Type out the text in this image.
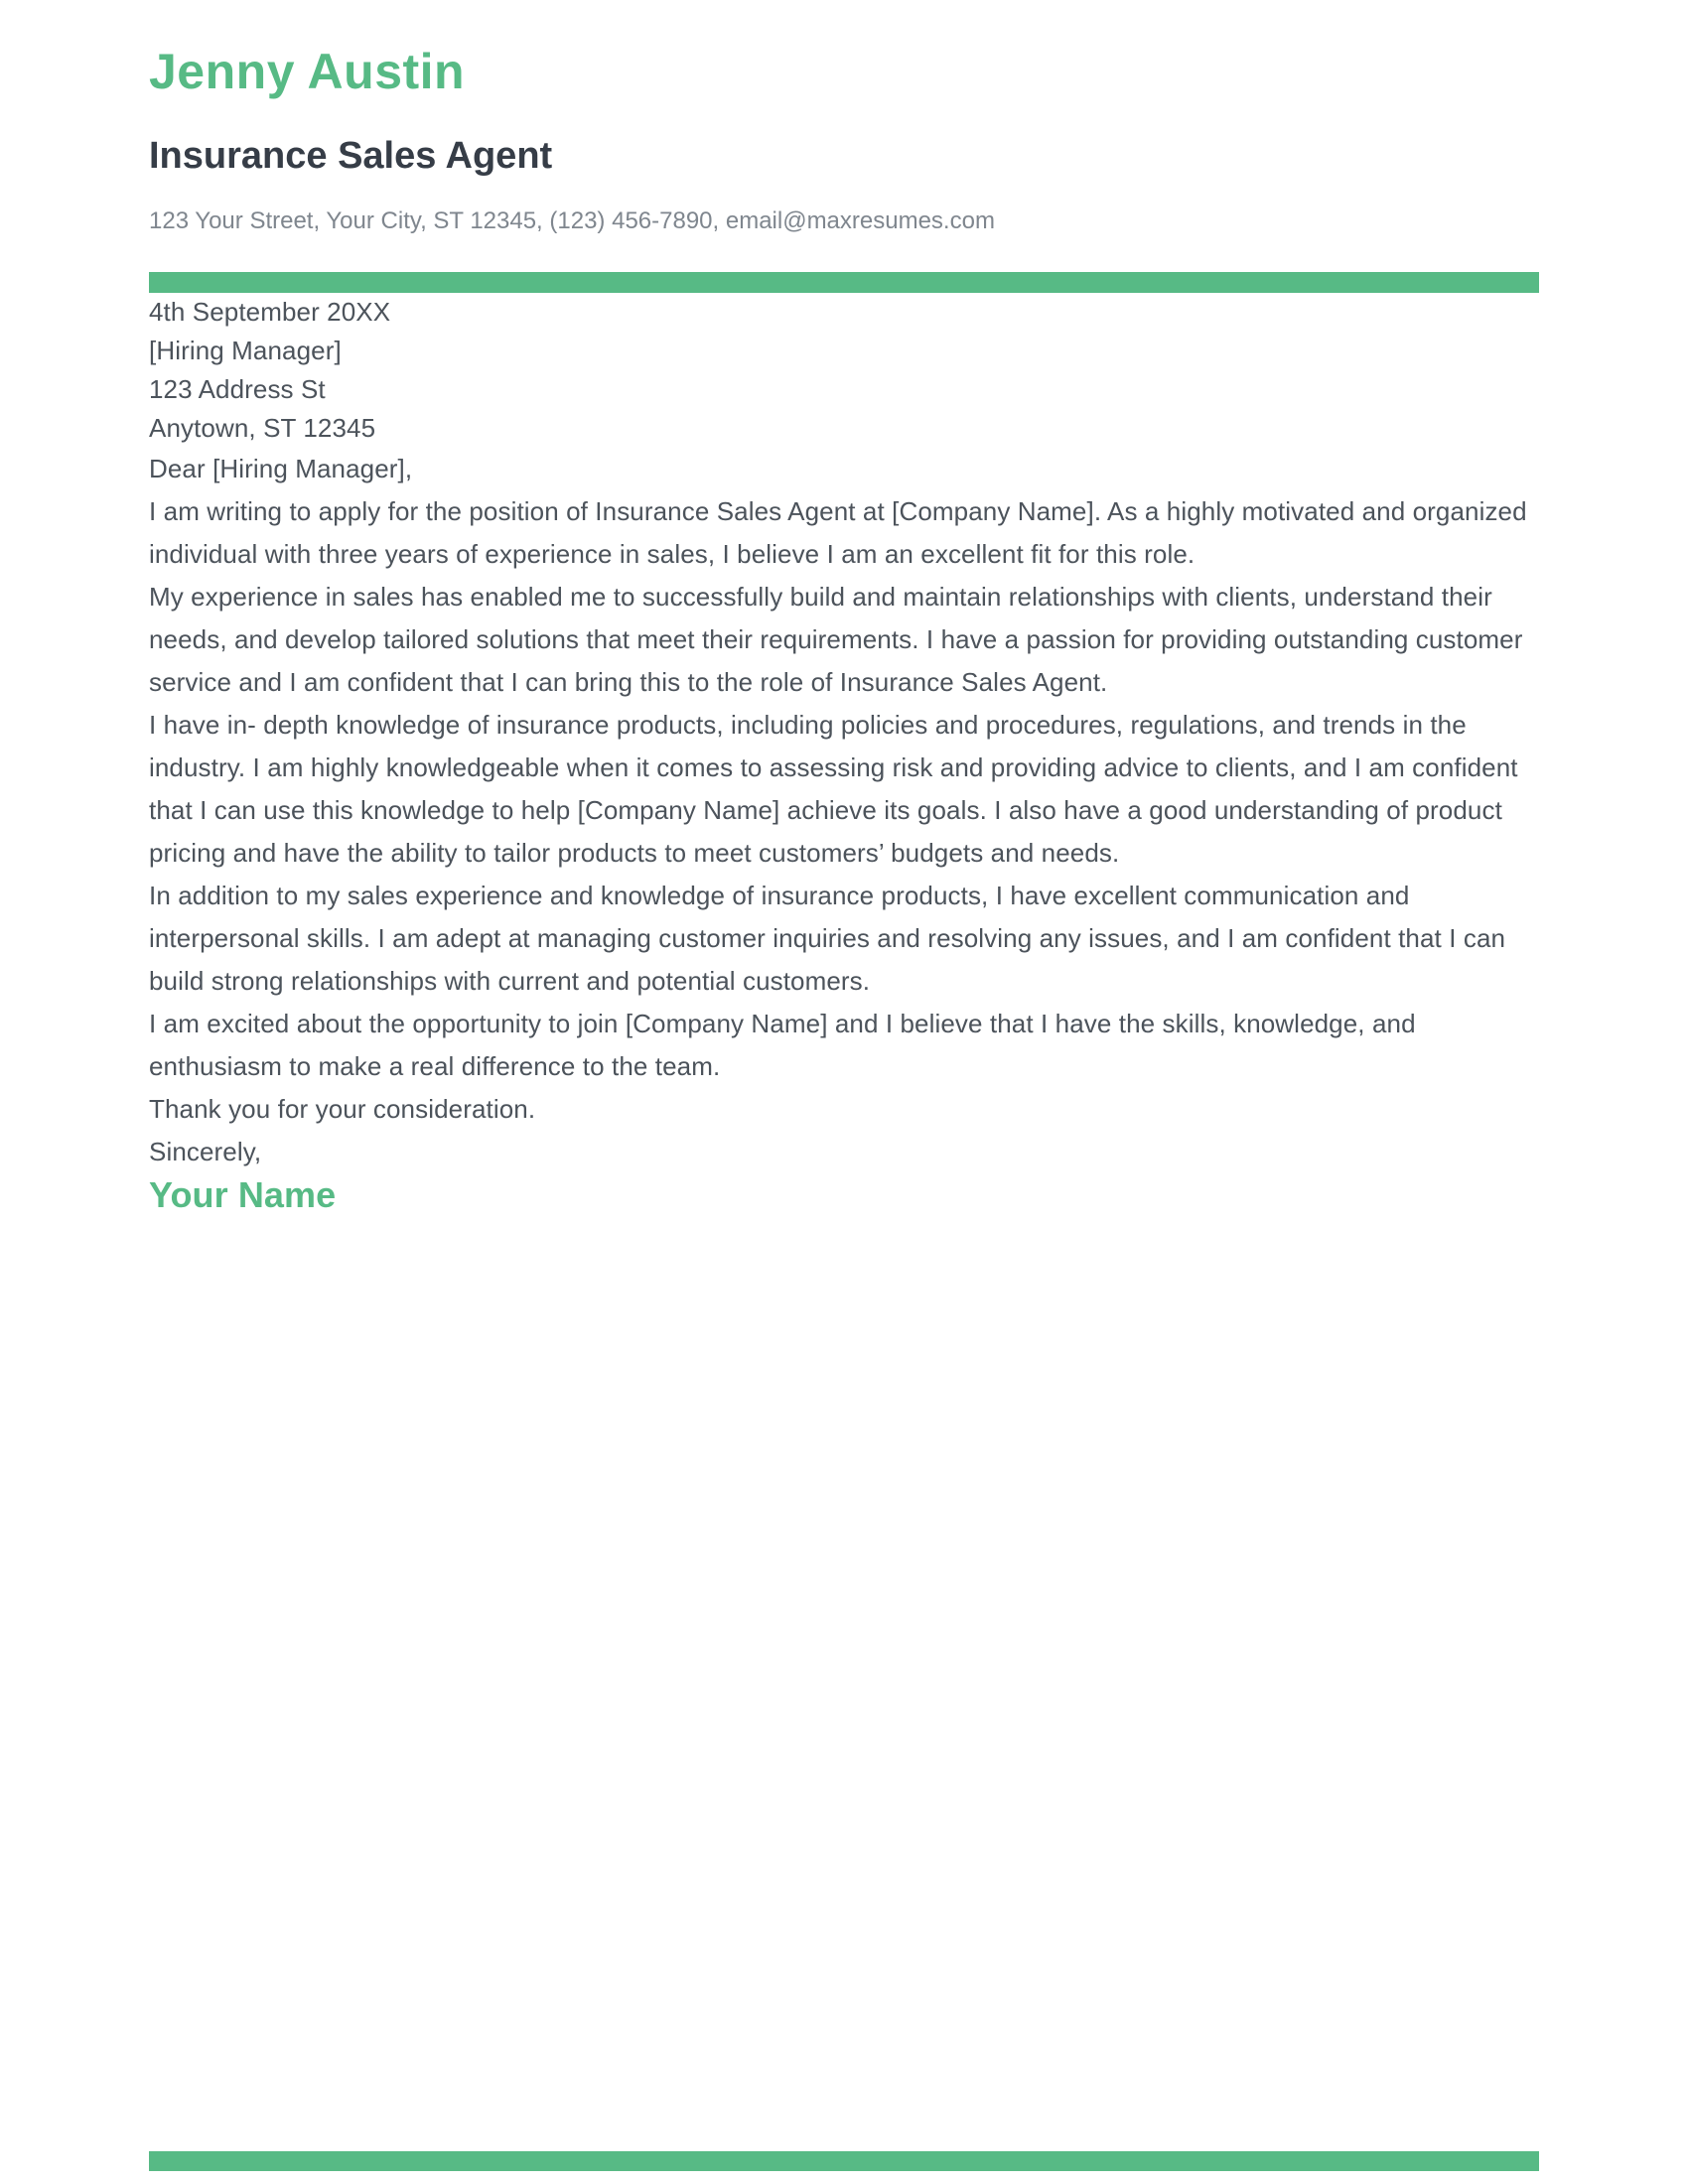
Jenny Austin
Insurance Sales Agent

123 Your Street, Your City, ST 12345, (123) 456-7890, email@maxresumes.com

4th September 20XX

[Hiring Manager]
123 Address St
Anytown, ST 12345

Dear [Hiring Manager],

I am writing to apply for the position of Insurance Sales Agent at [Company Name]. As a highly motivated and organized individual with three years of experience in sales, I believe I am an excellent fit for this role.

My experience in sales has enabled me to successfully build and maintain relationships with clients, understand their needs, and develop tailored solutions that meet their requirements. I have a passion for providing outstanding customer service and I am confident that I can bring this to the role of Insurance Sales Agent.

I have in- depth knowledge of insurance products, including policies and procedures, regulations, and trends in the industry. I am highly knowledgeable when it comes to assessing risk and providing advice to clients, and I am confident that I can use this knowledge to help [Company Name] achieve its goals. I also have a good understanding of product pricing and have the ability to tailor products to meet customers’ budgets and needs.

In addition to my sales experience and knowledge of insurance products, I have excellent communication and interpersonal skills. I am adept at managing customer inquiries and resolving any issues, and I am confident that I can build strong relationships with current and potential customers.

I am excited about the opportunity to join [Company Name] and I believe that I have the skills, knowledge, and enthusiasm to make a real difference to the team.

Thank you for your consideration.

Sincerely,

Your Name
